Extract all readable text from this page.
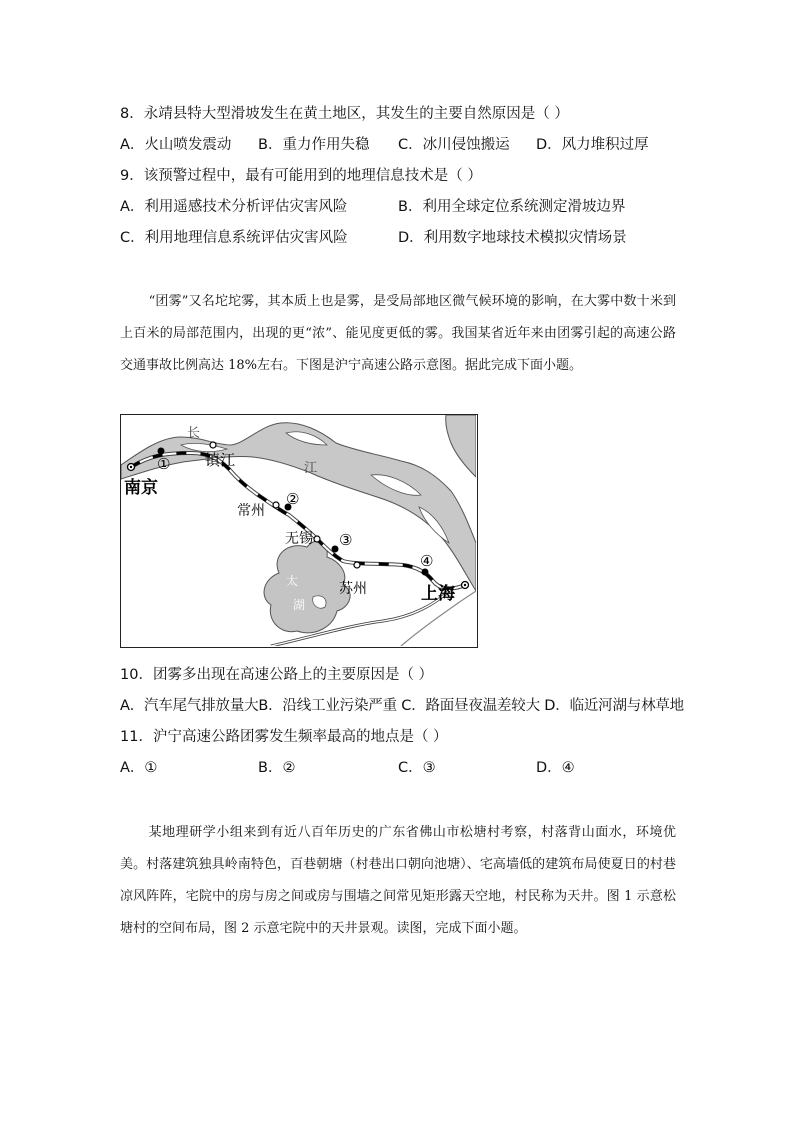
8．永靖县特大型滑坡发生在黄土地区，其发生的主要自然原因是（ ）
A．火山喷发震动 B．重力作用失稳 C．冰川侵蚀搬运 D．风力堆积过厚
9．该预警过程中，最有可能用到的地理信息技术是（ ）
A．利用遥感技术分析评估灾害风险	B．利用全球定位系统测定滑坡边界
C．利用地理信息系统评估灾害风险	D．利用数字地球技术模拟灾情场景

“团雾”又名坨坨雾，其本质上也是雾，是受局部地区微气候环境的影响，在大雾中数十米到上百米的局部范围内，出现的更“浓”、能见度更低的雾。我国某省近年来由团雾引起的高速公路交通事故比例高达 18%左右。下图是沪宁高速公路示意图。据此完成下面小题。

①
②
③
④
南京
镇江
常州
无锡
苏州	上海
长
江
太
湖
10．团雾多出现在高速公路上的主要原因是（ ）
A．汽车尾气排放量大B．沿线工业污染严重 C．路面昼夜温差较大 D．临近河湖与林草地
11．沪宁高速公路团雾发生频率最高的地点是（ ）
A．①	B．②	C．③	D．④

某地理研学小组来到有近八百年历史的广东省佛山市松塘村考察，村落背山面水，环境优美。村落建筑独具岭南特色，百巷朝塘（村巷出口朝向池塘）、宅高墙低的建筑布局使夏日的村巷凉风阵阵，宅院中的房与房之间或房与围墙之间常见矩形露天空地，村民称为天井。图 1 示意松塘村的空间布局，图 2 示意宅院中的天井景观。读图，完成下面小题。
